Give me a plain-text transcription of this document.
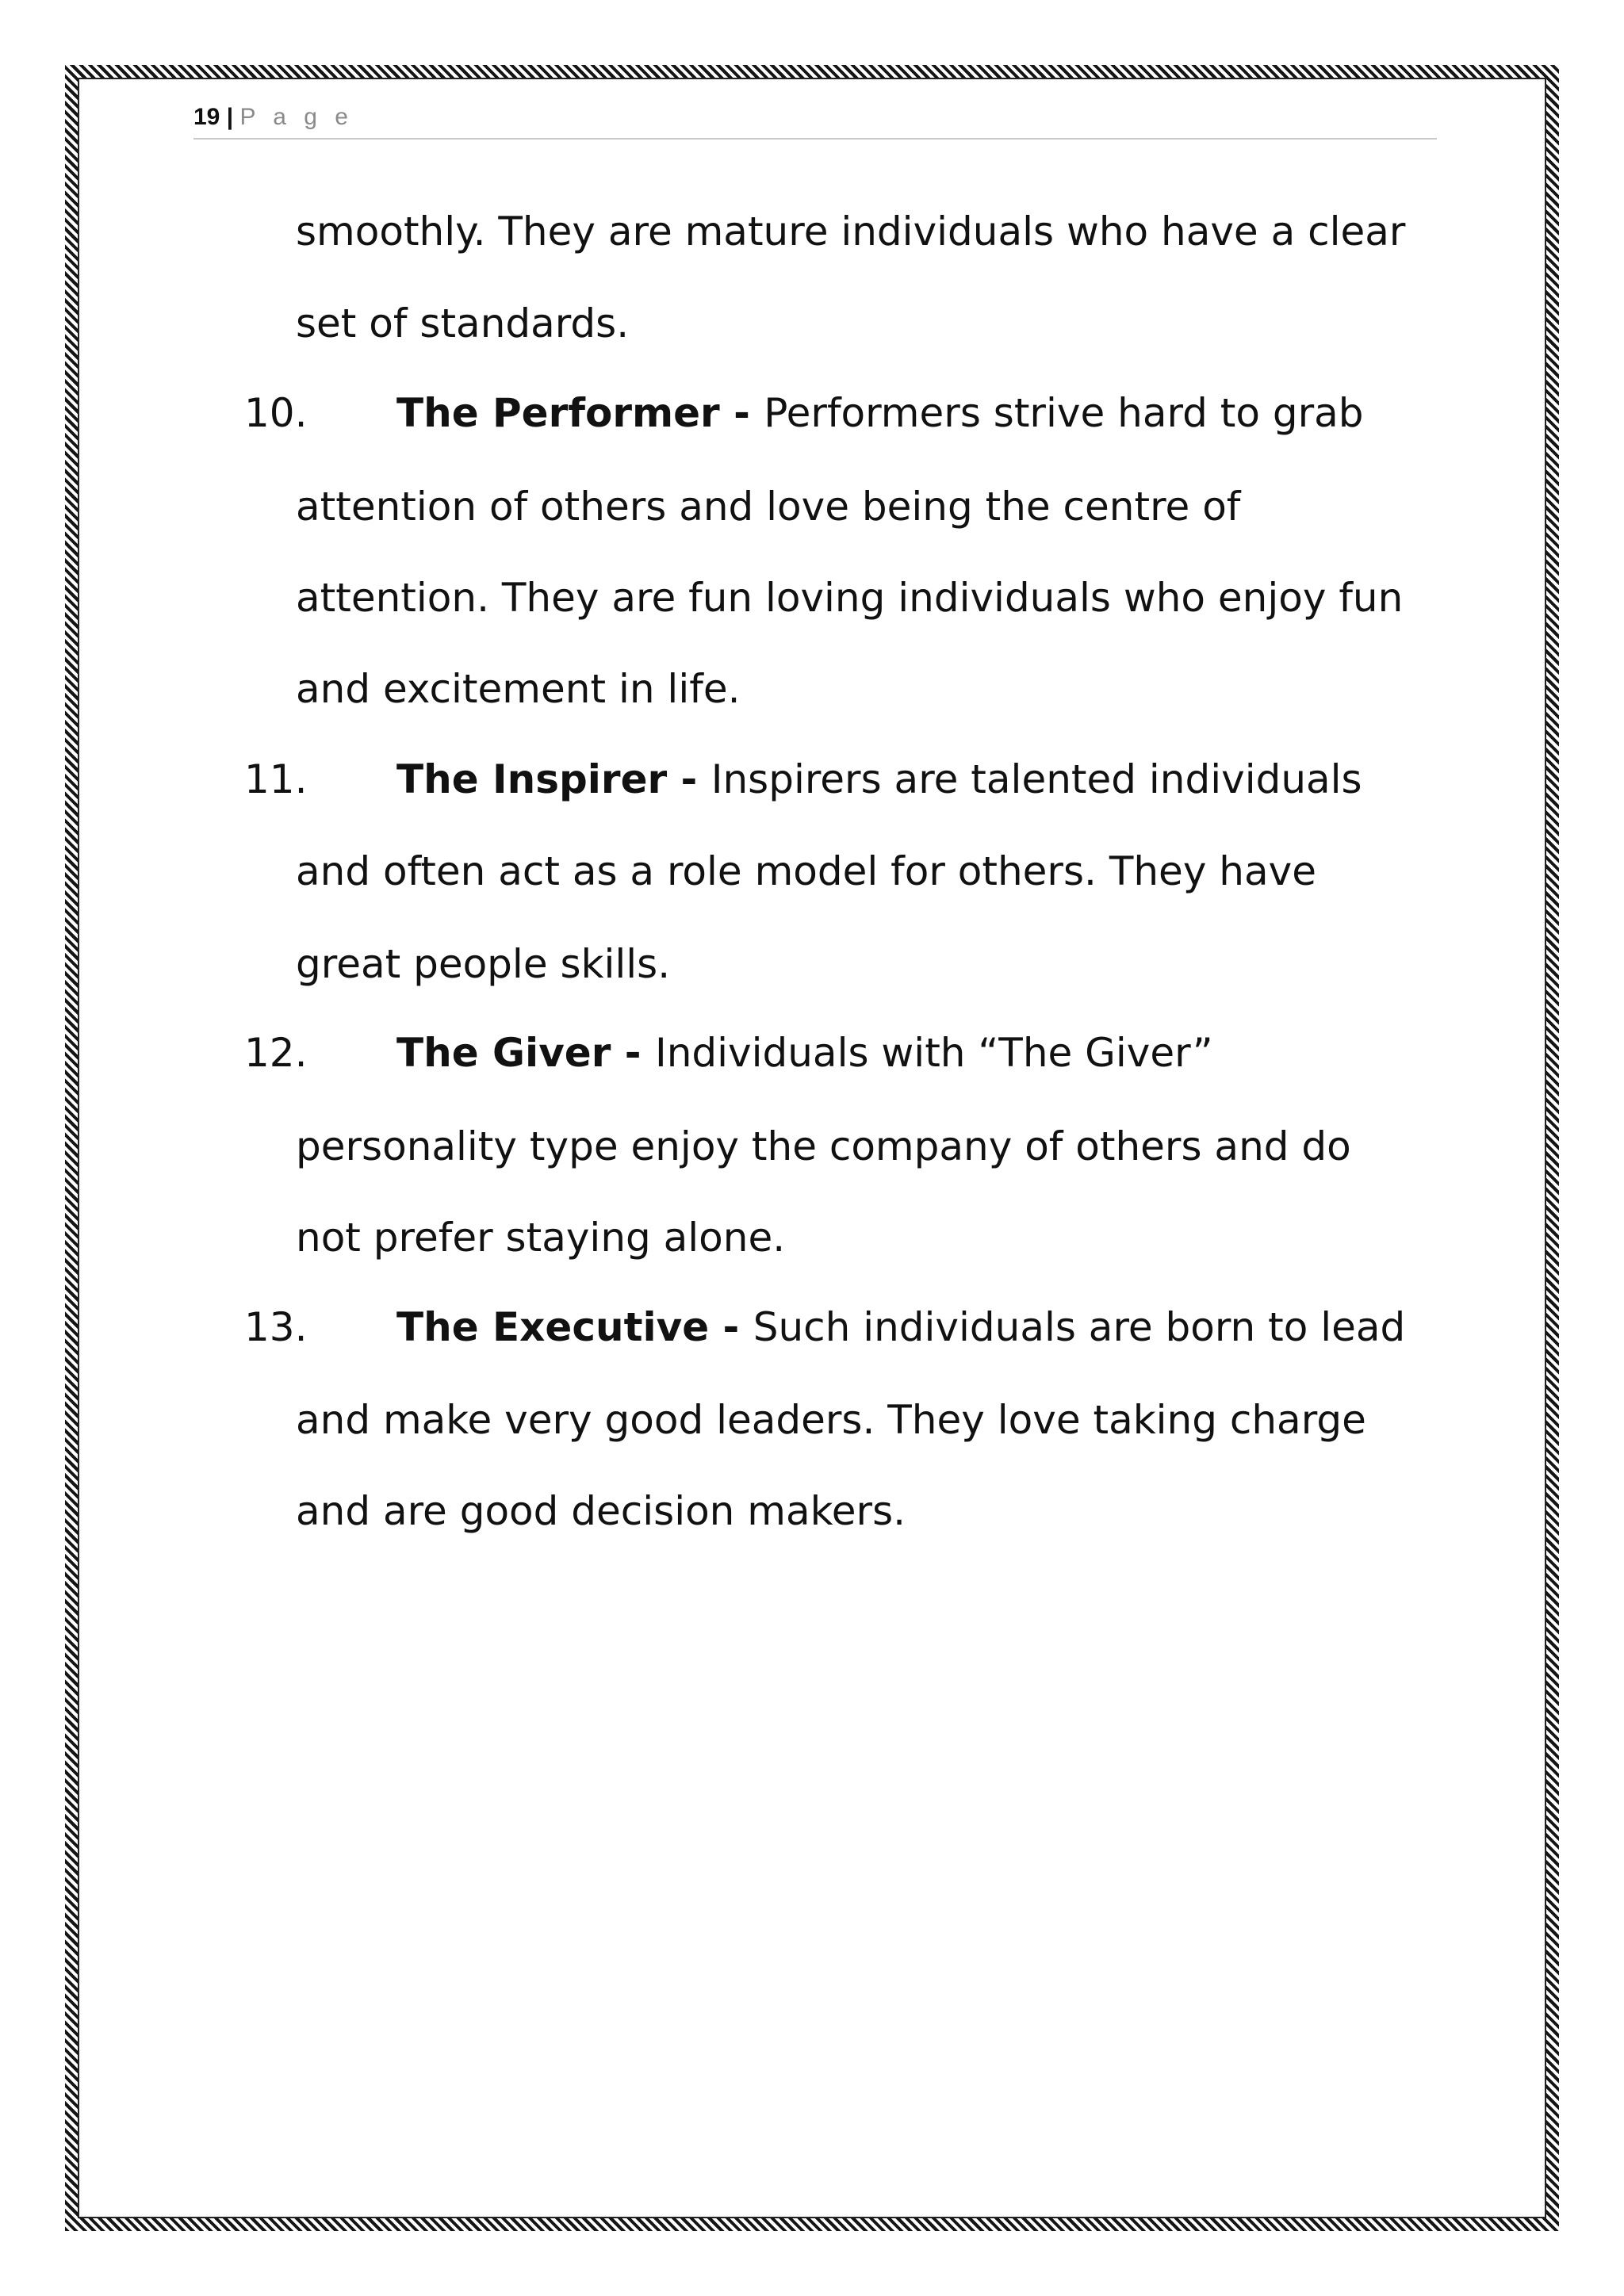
19 | P a g e
smoothly. They are mature individuals who have a clear
set of standards.
10. The Performer - Performers strive hard to grab
attention of others and love being the centre of
attention. They are fun loving individuals who enjoy fun
and excitement in life.
11. The Inspirer - Inspirers are talented individuals
and often act as a role model for others. They have
great people skills.
12. The Giver - Individuals with “The Giver”
personality type enjoy the company of others and do
not prefer staying alone.
13. The Executive - Such individuals are born to lead
and make very good leaders. They love taking charge
and are good decision makers.
